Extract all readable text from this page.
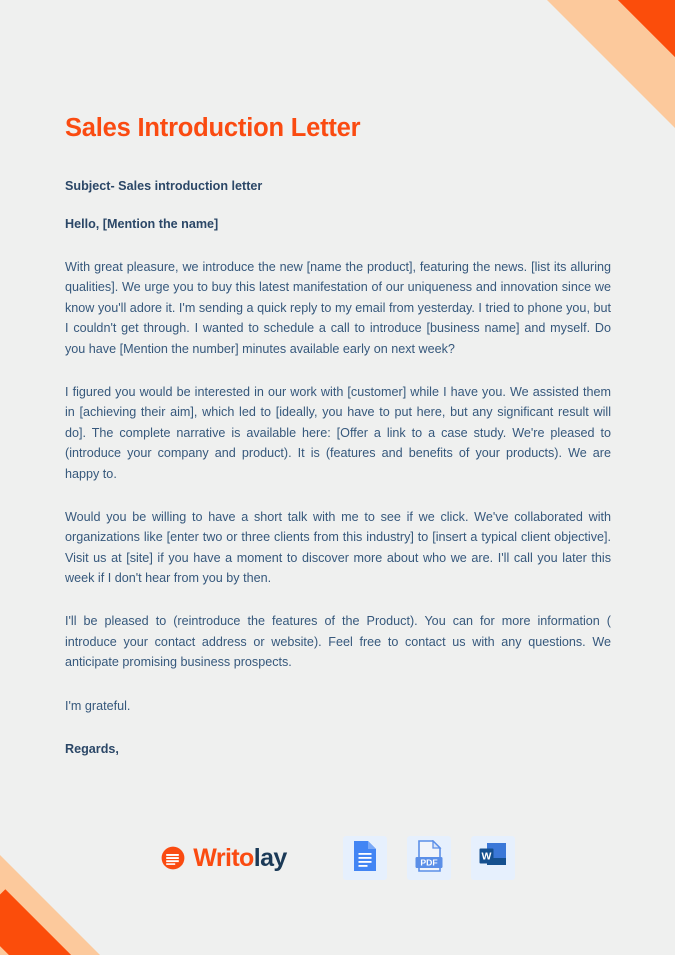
Sales Introduction Letter
Subject- Sales introduction letter
Hello, [Mention the name]

With great pleasure, we introduce the new [name the product], featuring the news. [list its alluring qualities]. We urge you to buy this latest manifestation of our uniqueness and innovation since we know you'll adore it. I'm sending a quick reply to my email from yesterday. I tried to phone you, but I couldn't get through. I wanted to schedule a call to introduce [business name] and myself. Do you have [Mention the number] minutes available early on next week?

I figured you would be interested in our work with [customer] while I have you. We assisted them in [achieving their aim], which led to [ideally, you have to put here, but any significant result will do]. The complete narrative is available here: [Offer a link to a case study. We're pleased to (introduce your company and product). It is (features and benefits of your products). We are happy to.

Would you be willing to have a short talk with me to see if we click. We've collaborated with organizations like [enter two or three clients from this industry] to [insert a typical client objective]. Visit us at [site] if you have a moment to discover more about who we are. I'll call you later this week if I don't hear from you by then.

I'll be pleased to (reintroduce the features of the Product). You can for more information ( introduce your contact address or website). Feel free to contact us with any questions. We anticipate promising business prospects.

I'm grateful.

Regards,

Writolay	PDF
W
